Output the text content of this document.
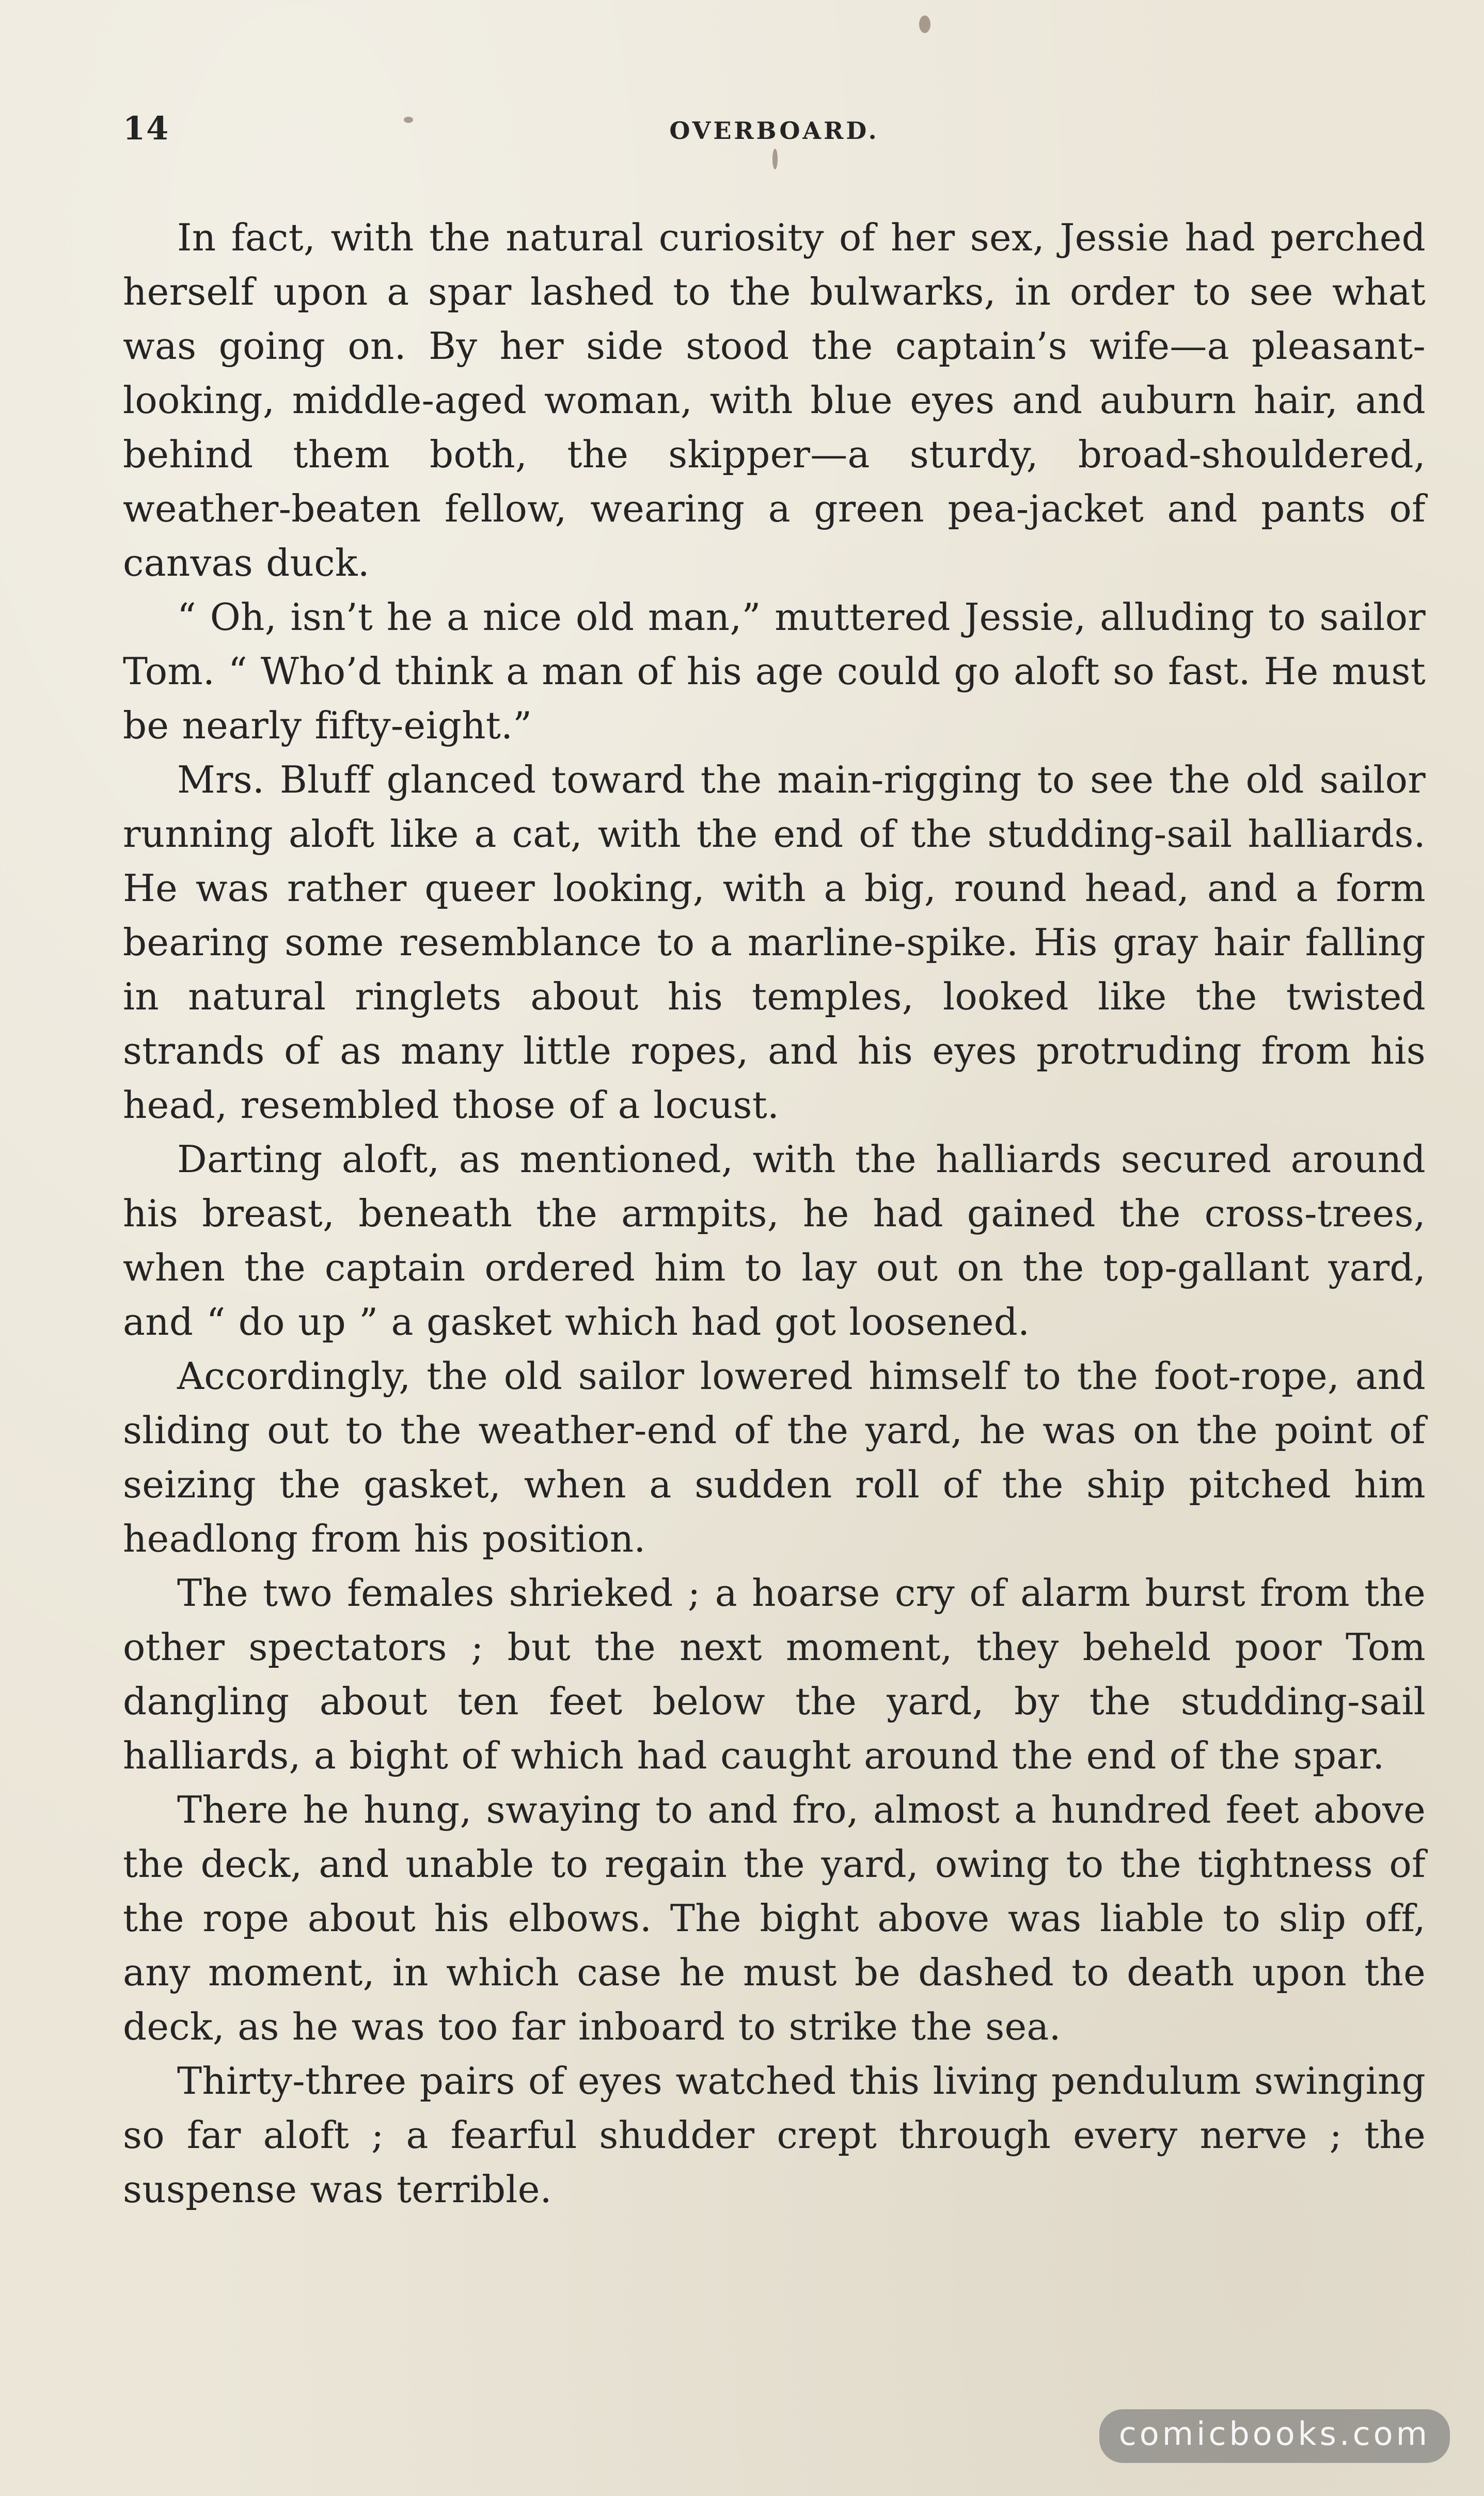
14	OVERBOARD.

In fact, with the natural curiosity of her sex, Jessie had perched herself upon a spar lashed to the bulwarks, in order to see what was going on. By her side stood the captain’s wife—a pleasant-looking, middle-aged woman, with blue eyes and auburn hair, and behind them both, the skipper—a sturdy, broad-shouldered, weather-beaten fellow, wearing a green pea-jacket and pants of canvas duck.

“ Oh, isn’t he a nice old man,” muttered Jessie, alluding to sailor Tom. “ Who’d think a man of his age could go aloft so fast. He must be nearly fifty-eight.”

Mrs. Bluff glanced toward the main-rigging to see the old sailor running aloft like a cat, with the end of the studding-sail halliards. He was rather queer looking, with a big, round head, and a form bearing some resemblance to a marline-spike. His gray hair falling in natural ringlets about his temples, looked like the twisted strands of as many little ropes, and his eyes protruding from his head, resembled those of a locust.

Darting aloft, as mentioned, with the halliards secured around his breast, beneath the armpits, he had gained the cross-trees, when the captain ordered him to lay out on the top-gallant yard, and “ do up ” a gasket which had got loosened.

Accordingly, the old sailor lowered himself to the foot-rope, and sliding out to the weather-end of the yard, he was on the point of seizing the gasket, when a sudden roll of the ship pitched him headlong from his position.

The two females shrieked ; a hoarse cry of alarm burst from the other spectators ; but the next moment, they beheld poor Tom dangling about ten feet below the yard, by the studding-sail halliards, a bight of which had caught around the end of the spar.

There he hung, swaying to and fro, almost a hundred feet above the deck, and unable to regain the yard, owing to the tightness of the rope about his elbows. The bight above was liable to slip off, any moment, in which case he must be dashed to death upon the deck, as he was too far inboard to strike the sea.

Thirty-three pairs of eyes watched this living pendulum swinging so far aloft ; a fearful shudder crept through every nerve ; the suspense was terrible.

comicbooks.com
